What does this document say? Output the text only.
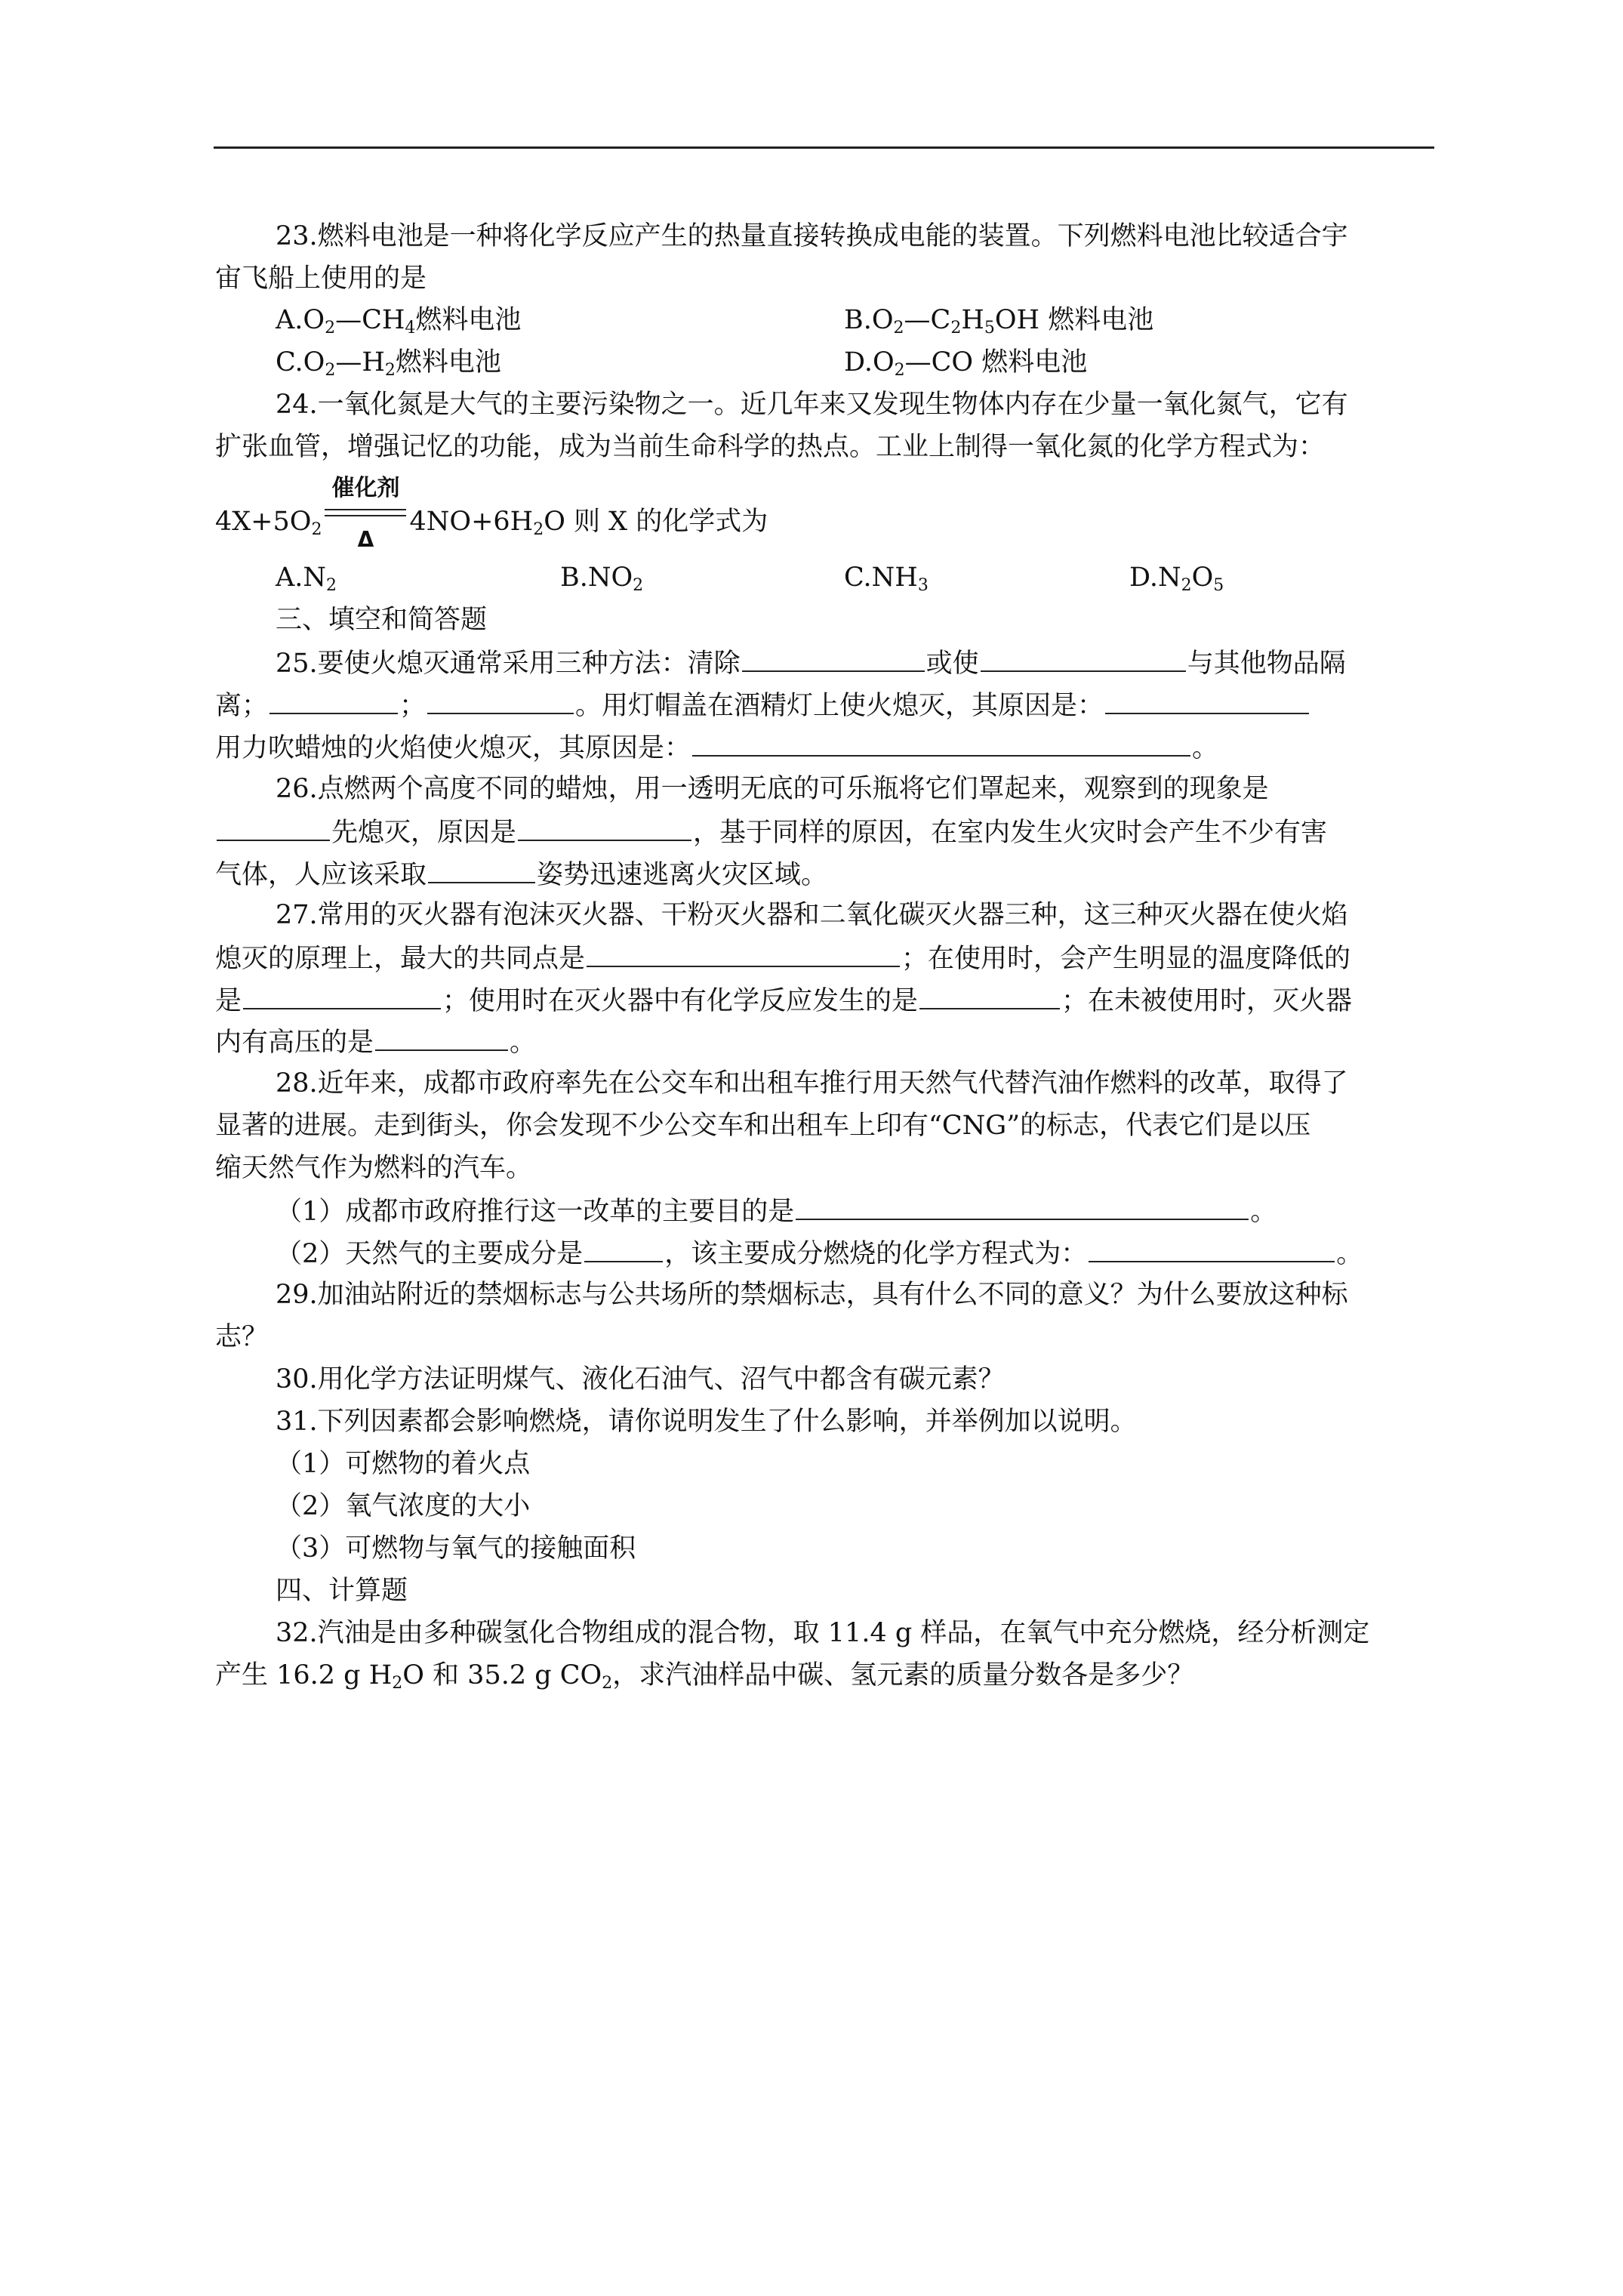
23.燃料电池是一种将化学反应产生的热量直接转换成电能的装置。下列燃料电池比较适合宇
宙飞船上使用的是
$A.O_2—CH_4$燃料电池	$B.O_2—C_2H_5OH$ 燃料电池
$C.O_2—H_2$燃料电池	$D.O_2—CO$ 燃料电池
24.一氧化氮是大气的主要污染物之一。近几年来又发现生物体内存在少量一氧化氮气，它有
扩张血管，增强记忆的功能，成为当前生命科学的热点。工业上制得一氧化氮的化学方程式为：
$4X+5O_2$
催化剂
Δ
$4NO+6H_2O$ 则 X 的化学式为
$A.N_2$	$B.NO_2$	$C.NH_3$	$D.N_2O_5$
三、填空和简答题
25.要使火熄灭通常采用三种方法：清除	或使	与其他物品隔
离；	；	。用灯帽盖在酒精灯上使火熄灭，其原因是：
用力吹蜡烛的火焰使火熄灭，其原因是：	。
26.点燃两个高度不同的蜡烛，用一透明无底的可乐瓶将它们罩起来，观察到的现象是
先熄灭，原因是	，基于同样的原因，在室内发生火灾时会产生不少有害
气体，人应该采取	姿势迅速逃离火灾区域。
27.常用的灭火器有泡沫灭火器、干粉灭火器和二氧化碳灭火器三种，这三种灭火器在使火焰
熄灭的原理上，最大的共同点是	；在使用时，会产生明显的温度降低的
是	；使用时在灭火器中有化学反应发生的是	；在未被使用时，灭火器
内有高压的是	。
28.近年来，成都市政府率先在公交车和出租车推行用天然气代替汽油作燃料的改革，取得了
显著的进展。走到街头，你会发现不少公交车和出租车上印有“CNG”的标志，代表它们是以压
缩天然气作为燃料的汽车。
（1）成都市政府推行这一改革的主要目的是	。
（2）天然气的主要成分是	，该主要成分燃烧的化学方程式为：	。
29.加油站附近的禁烟标志与公共场所的禁烟标志，具有什么不同的意义？为什么要放这种标
志？
30.用化学方法证明煤气、液化石油气、沼气中都含有碳元素？
31.下列因素都会影响燃烧，请你说明发生了什么影响，并举例加以说明。
（1）可燃物的着火点
（2）氧气浓度的大小
（3）可燃物与氧气的接触面积
四、计算题
32.汽油是由多种碳氢化合物组成的混合物，取 11.4 g 样品，在氧气中充分燃烧，经分析测定
产生 16.2 g $H_2O$ 和 35.2 g $CO_2$，求汽油样品中碳、氢元素的质量分数各是多少？
